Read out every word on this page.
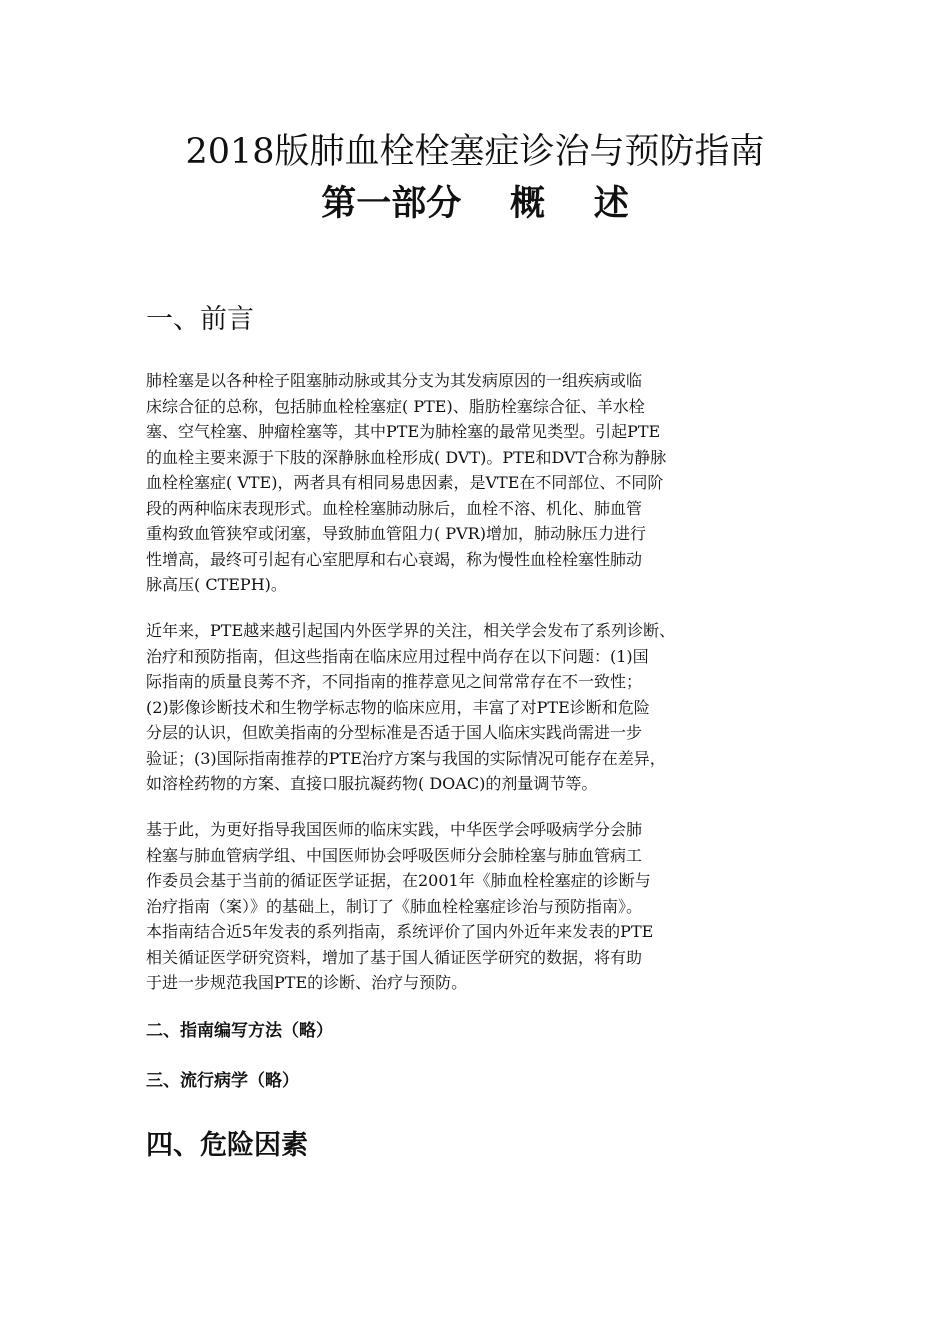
2018版肺血栓栓塞症诊治与预防指南
第一部分    概    述
一、前言
肺栓塞是以各种栓子阻塞肺动脉或其分支为其发病原因的一组疾病或临
床综合征的总称，包括肺血栓栓塞症( PTE)、脂肪栓塞综合征、羊水栓
塞、空气栓塞、肿瘤栓塞等，其中PTE为肺栓塞的最常见类型。引起PTE
的血栓主要来源于下肢的深静脉血栓形成( DVT)。PTE和DVT合称为静脉
血栓栓塞症( VTE)，两者具有相同易患因素，是VTE在不同部位、不同阶
段的两种临床表现形式。血栓栓塞肺动脉后，血栓不溶、机化、肺血管
重构致血管狭窄或闭塞，导致肺血管阻力( PVR)增加，肺动脉压力进行
性增高，最终可引起有心室肥厚和右心衰竭，称为慢性血栓栓塞性肺动
脉高压( CTEPH)。
近年来，PTE越来越引起国内外医学界的关注，相关学会发布了系列诊断、
治疗和预防指南，但这些指南在临床应用过程中尚存在以下问题：(1)国
际指南的质量良莠不齐，不同指南的推荐意见之间常常存在不一致性；
(2)影像诊断技术和生物学标志物的临床应用，丰富了对PTE诊断和危险
分层的认识，但欧美指南的分型标准是否适于国人临床实践尚需进一步
验证；(3)国际指南推荐的PTE治疗方案与我国的实际情况可能存在差异，
如溶栓药物的方案、直接口服抗凝药物( DOAC)的剂量调节等。
基于此，为更好指导我国医师的临床实践，中华医学会呼吸病学分会肺
栓塞与肺血管病学组、中国医师协会呼吸医师分会肺栓塞与肺血管病工
作委员会基于当前的循证医学证据，在2001年《肺血栓栓塞症的诊断与
治疗指南（案）》的基础上，制订了《肺血栓栓塞症诊治与预防指南》。
本指南结合近5年发表的系列指南，系统评价了国内外近年来发表的PTE
相关循证医学研究资料，增加了基于国人循证医学研究的数据，将有助
于进一步规范我国PTE的诊断、治疗与预防。
二、指南编写方法（略）
三、流行病学（略）
四、危险因素
